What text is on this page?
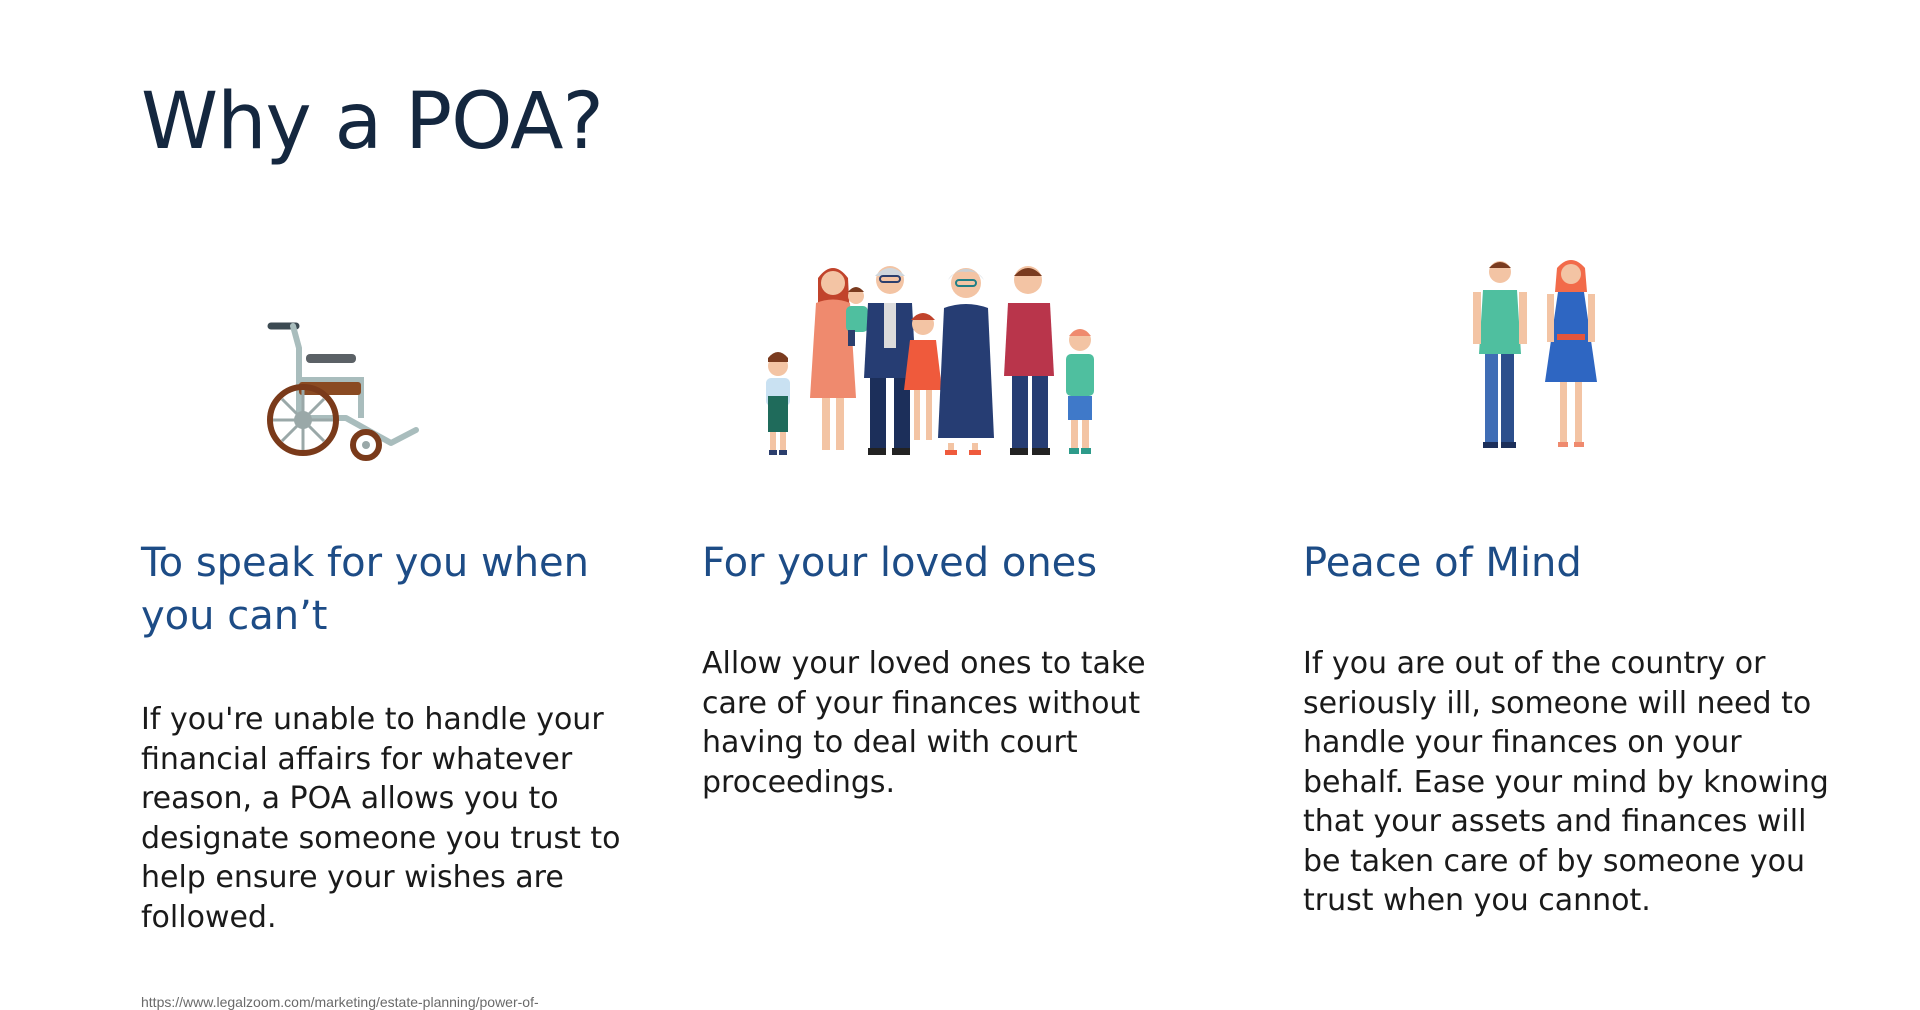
Why a POA?
To speak for you when you can’t

If you're unable to handle your financial affairs for whatever reason, a POA allows you to designate someone you trust to help ensure your wishes are followed.

For your loved ones

Allow your loved ones to take care of your finances without having to deal with court proceedings.

Peace of Mind

If you are out of the country or seriously ill, someone will need to handle your finances on your behalf. Ease your mind by knowing that your assets and finances will be taken care of by someone you trust when you cannot.

https://www.legalzoom.com/marketing/estate-planning/power-of-
